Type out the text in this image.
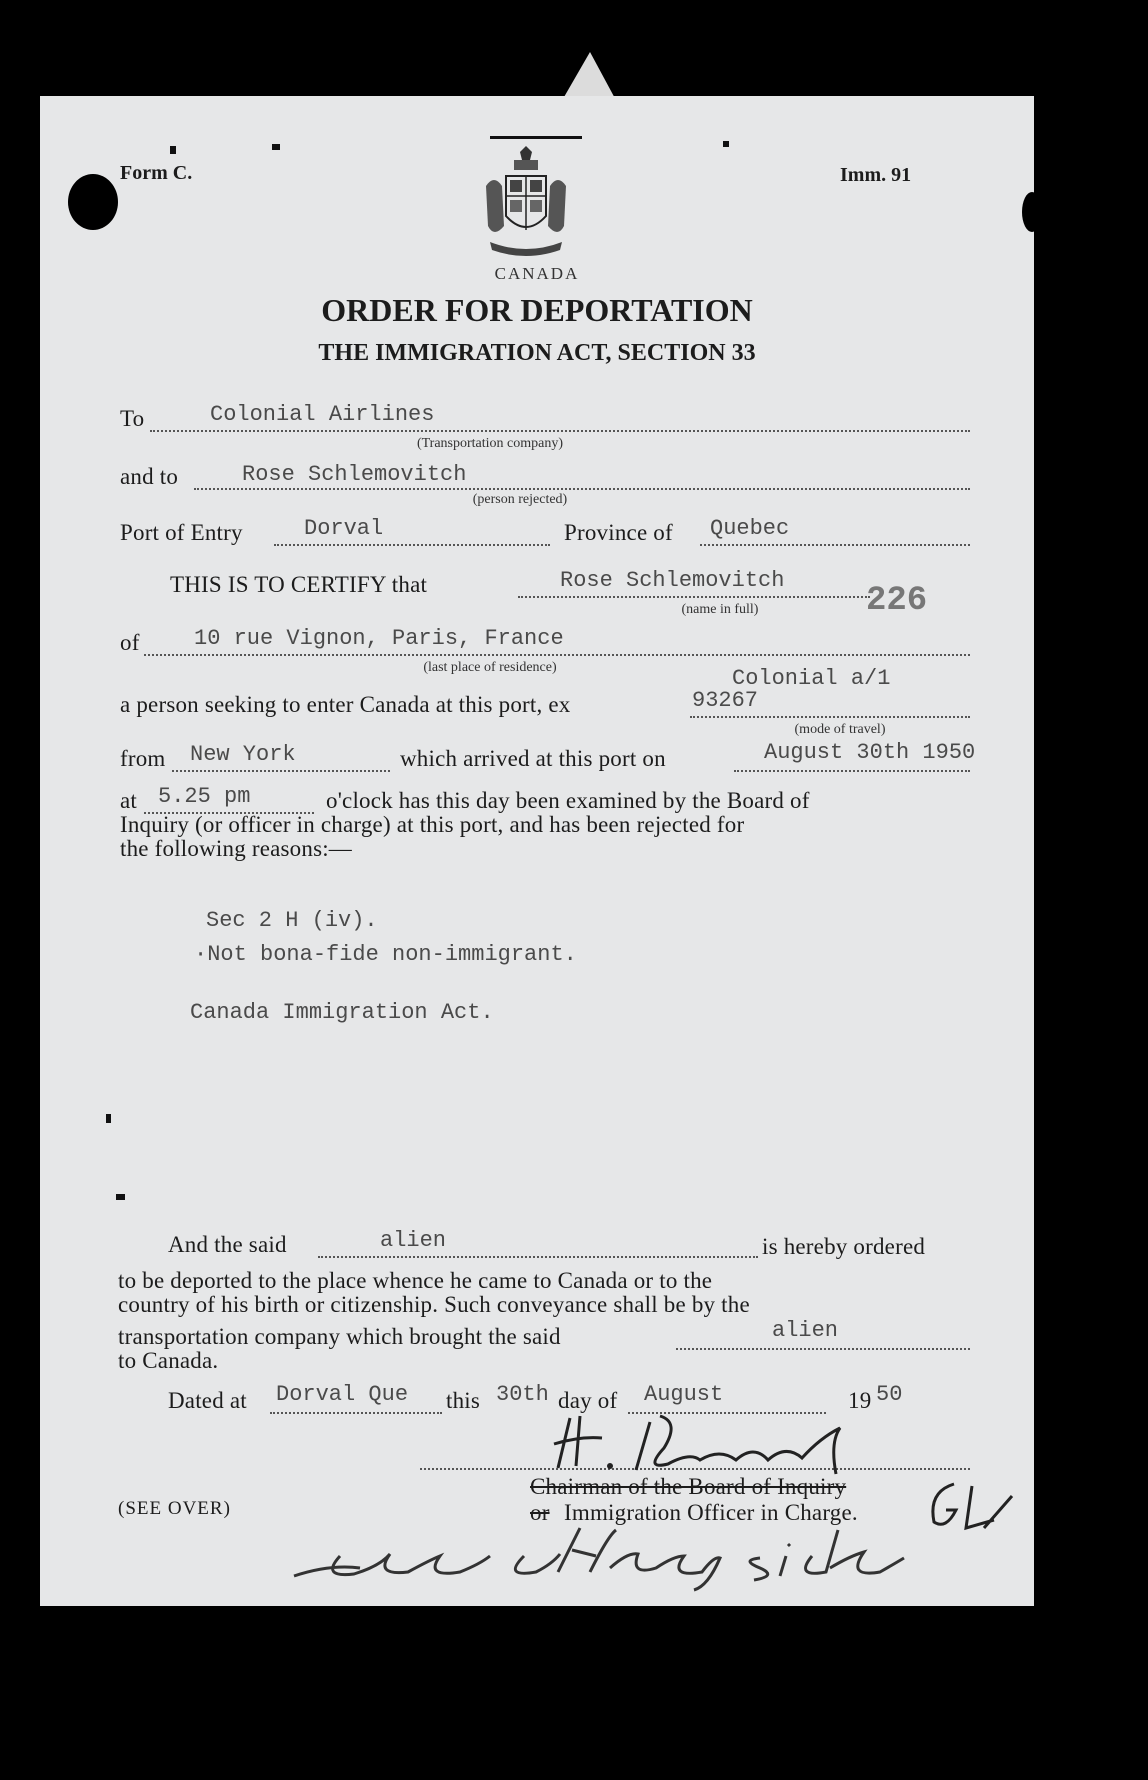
Form C.	Imm. 91
CANADA
ORDER FOR DEPORTATION
THE IMMIGRATION ACT, SECTION 33
To	Colonial Airlines
(Transportation company)
and to	Rose Schlemovitch
(person rejected)
Port of Entry	Dorval	Province of Quebec
THIS IS TO CERTIFY that	Rose Schlemovitch
(name in full)	226
of 10 rue Vignon, Paris, France
(last place of residence)	Colonial a/1
a person seeking to enter Canada at this port, ex	93267
(mode of travel)
from New York	which arrived at this port on	August 30th 1950
at 5.25 pm	o'clock has this day been examined by the Board of
Inquiry (or officer in charge) at this port, and has been rejected for
the following reasons:—
Sec 2 H (iv).
·Not bona-fide non-immigrant.
Canada Immigration Act.
And the said	alien	is hereby ordered
to be deported to the place whence he came to Canada or to the
country of his birth or citizenship. Such conveyance shall be by the
transportation company which brought the said	alien
to Canada.
Dated at Dorval Que this 30th day of August	19 50
Chairman of the Board of Inquiry
(SEE OVER)	or Immigration Officer in Charge.
